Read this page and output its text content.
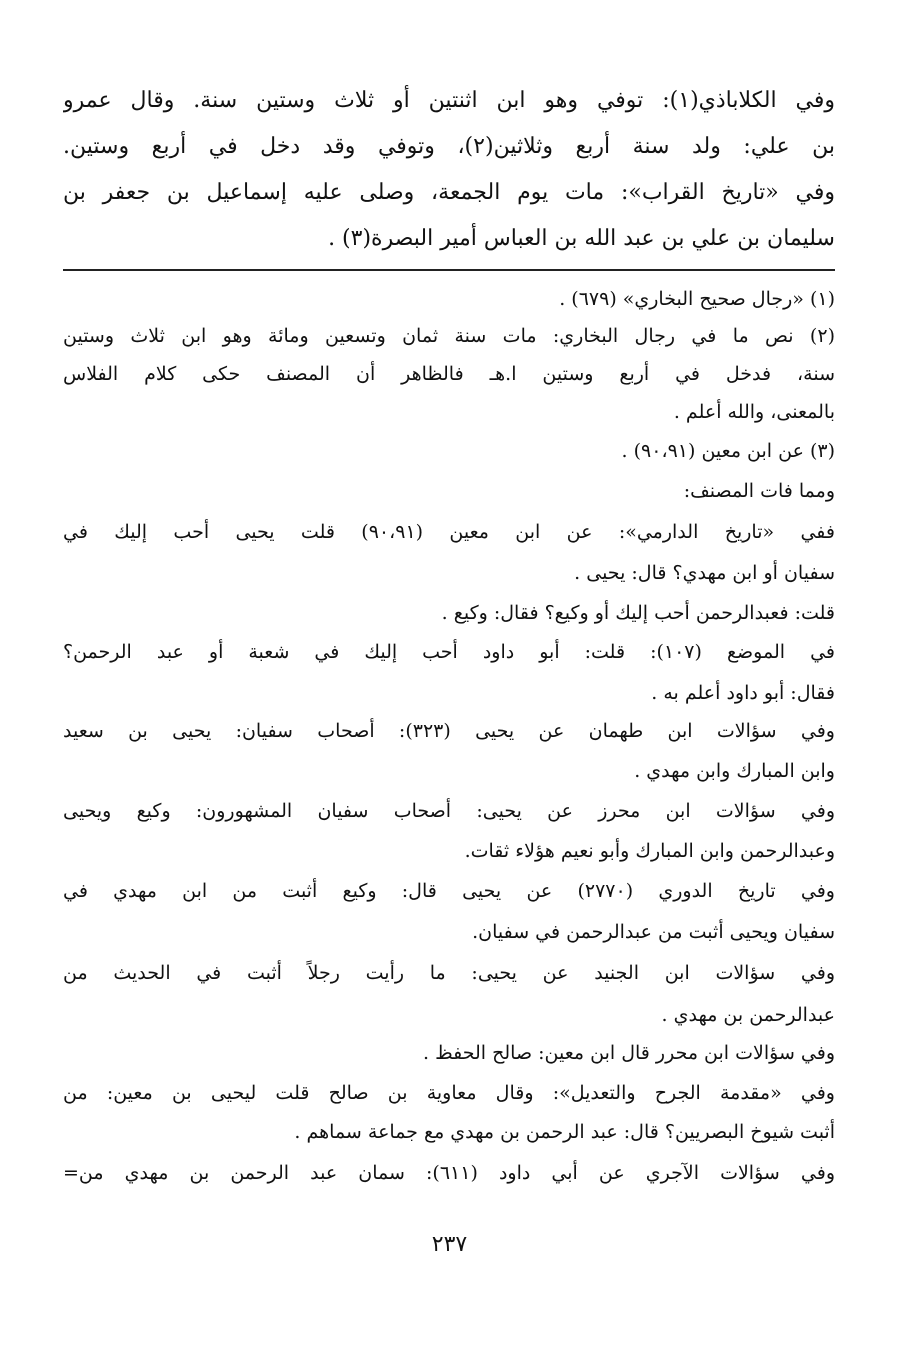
وفي الكلاباذي(١): توفي وهو ابن اثنتين أو ثلاث وستين سنة. وقال عمرو
بن علي: ولد سنة أربع وثلاثين(٢)، وتوفي وقد دخل في أربع وستين.
وفي «تاريخ القراب»: مات يوم الجمعة، وصلى عليه إسماعيل بن جعفر بن
سليمان بن علي بن عبد الله بن العباس أمير البصرة(٣) .
(١) «رجال صحيح البخاري» (٦٧٩) .
(٢) نص ما في رجال البخاري: مات سنة ثمان وتسعين ومائة وهو ابن ثلاث وستين
سنة، فدخل في أربع وستين ا.هـ فالظاهر أن المصنف حكى كلام الفلاس
بالمعنى، والله أعلم .
(٣) عن ابن معين (٩٠،٩١) .
ومما فات المصنف:
ففي «تاريخ الدارمي»: عن ابن معين (٩٠،٩١) قلت يحيى أحب إليك في
سفيان أو ابن مهدي؟ قال: يحيى .
قلت: فعبدالرحمن أحب إليك أو وكيع؟ فقال: وكيع .
في الموضع (١٠٧): قلت: أبو داود أحب إليك في شعبة أو عبد الرحمن؟
فقال: أبو داود أعلم به .
وفي سؤالات ابن طهمان عن يحيى (٣٢٣): أصحاب سفيان: يحيى بن سعيد
وابن المبارك وابن مهدي .
وفي سؤالات ابن محرز عن يحيى: أصحاب سفيان المشهورون: وكيع ويحيى
وعبدالرحمن وابن المبارك وأبو نعيم هؤلاء ثقات.
وفي تاريخ الدوري (٢٧٧٠) عن يحيى قال: وكيع أثبت من ابن مهدي في
سفيان ويحيى أثبت من عبدالرحمن في سفيان.
وفي سؤالات ابن الجنيد عن يحيى: ما رأيت رجلاً أثبت في الحديث من
عبدالرحمن بن مهدي .
وفي سؤالات ابن محرر قال ابن معين: صالح الحفظ .
وفي «مقدمة الجرح والتعديل»: وقال معاوية بن صالح قلت ليحيى بن معين: من
أثبت شيوخ البصريين؟ قال: عبد الرحمن بن مهدي مع جماعة سماهم .
وفي سؤالات الآجري عن أبي داود (٦١١): سمان عبد الرحمن بن مهدي من=
٢٣٧
